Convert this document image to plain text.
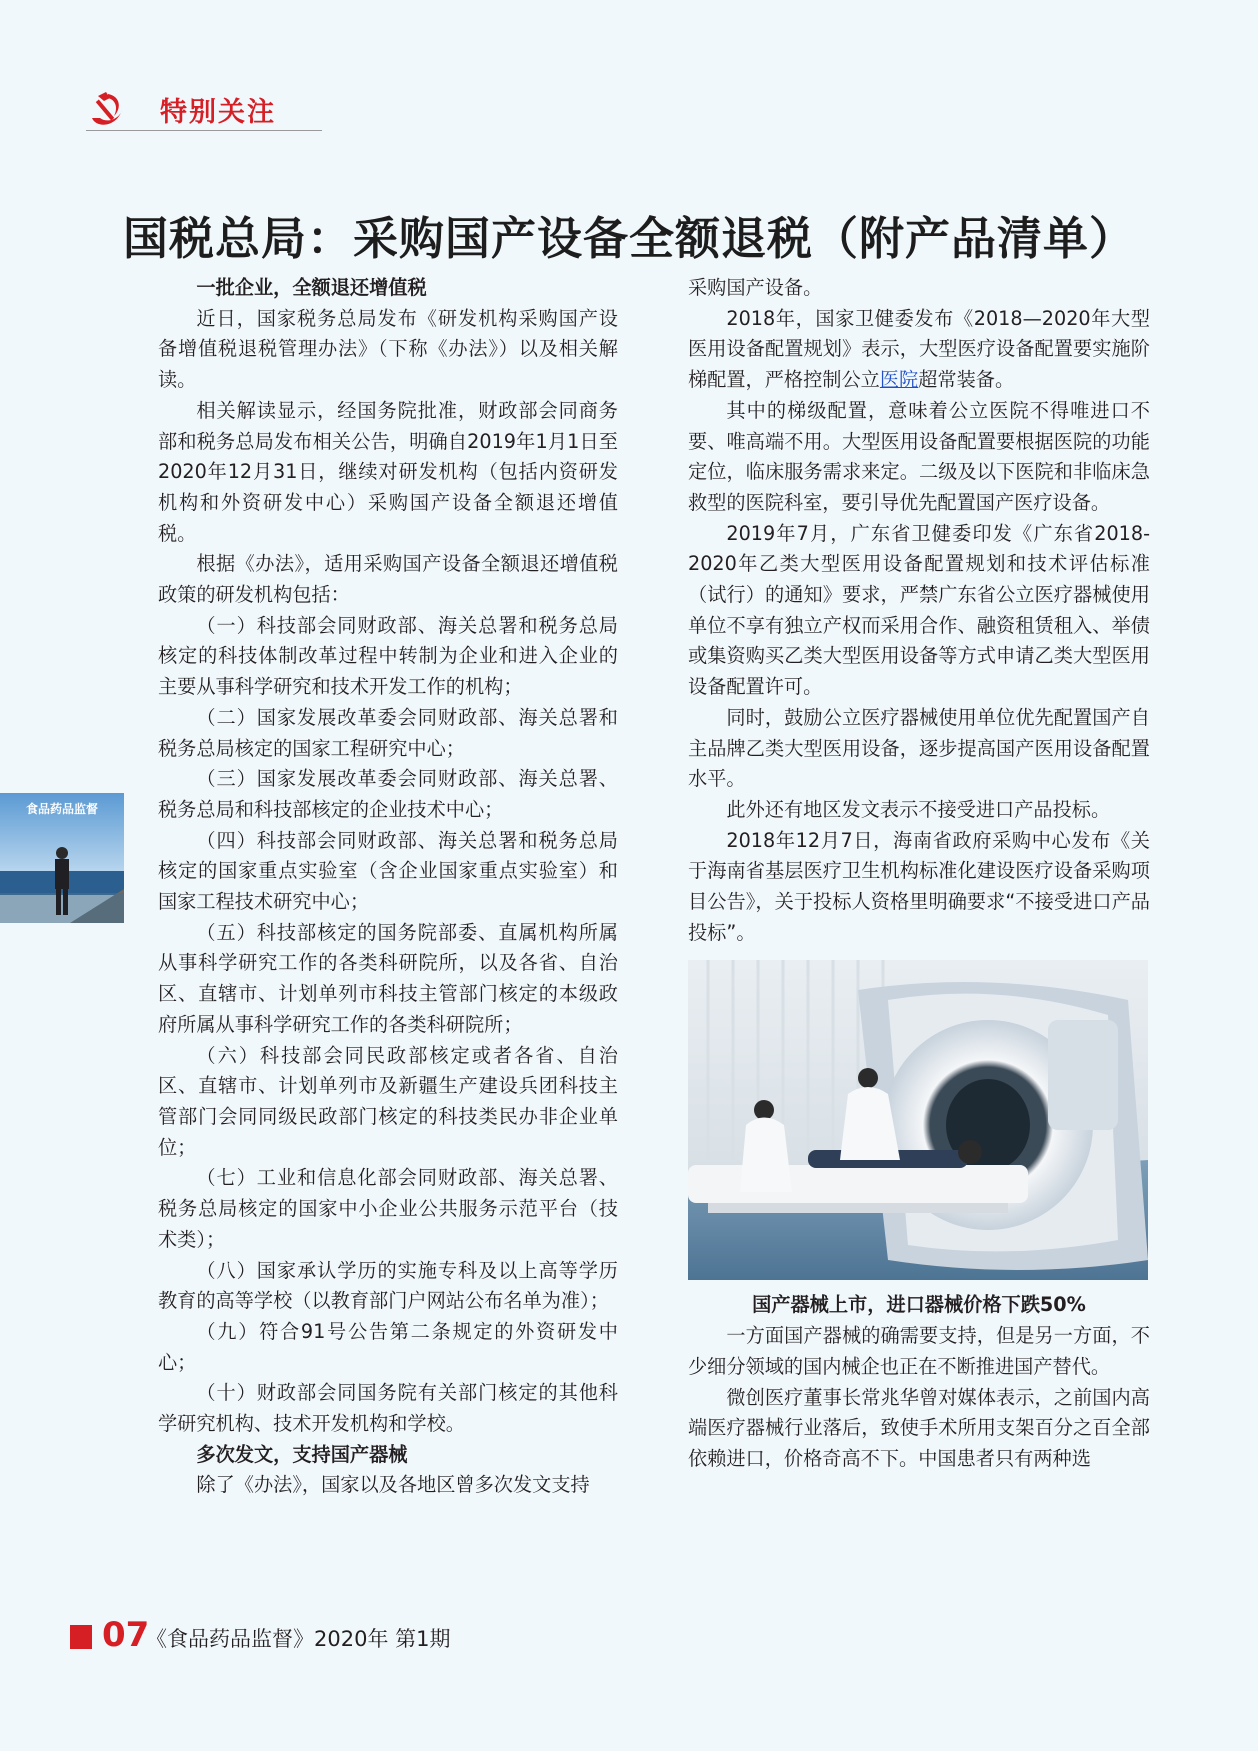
特别关注
国税总局：采购国产设备全额退税（附产品清单）
一批企业，全额退还增值税

近日，国家税务总局发布《研发机构采购国产设备增值税退税管理办法》（下称《办法》）以及相关解读。

相关解读显示，经国务院批准，财政部会同商务部和税务总局发布相关公告，明确自2019年1月1日至2020年12月31日，继续对研发机构（包括内资研发机构和外资研发中心）采购国产设备全额退还增值税。

根据《办法》，适用采购国产设备全额退还增值税政策的研发机构包括：

（一）科技部会同财政部、海关总署和税务总局核定的科技体制改革过程中转制为企业和进入企业的主要从事科学研究和技术开发工作的机构；

（二）国家发展改革委会同财政部、海关总署和税务总局核定的国家工程研究中心；

（三）国家发展改革委会同财政部、海关总署、税务总局和科技部核定的企业技术中心；

（四）科技部会同财政部、海关总署和税务总局核定的国家重点实验室（含企业国家重点实验室）和国家工程技术研究中心；

（五）科技部核定的国务院部委、直属机构所属从事科学研究工作的各类科研院所，以及各省、自治区、直辖市、计划单列市科技主管部门核定的本级政府所属从事科学研究工作的各类科研院所；

（六）科技部会同民政部核定或者各省、自治区、直辖市、计划单列市及新疆生产建设兵团科技主管部门会同同级民政部门核定的科技类民办非企业单位；

（七）工业和信息化部会同财政部、海关总署、税务总局核定的国家中小企业公共服务示范平台（技术类）；

（八）国家承认学历的实施专科及以上高等学历教育的高等学校（以教育部门户网站公布名单为准）；

（九）符合91号公告第二条规定的外资研发中心；

（十）财政部会同国务院有关部门核定的其他科学研究机构、技术开发机构和学校。

多次发文，支持国产器械

除了《办法》，国家以及各地区曾多次发文支持

采购国产设备。

2018年，国家卫健委发布《2018—2020年大型医用设备配置规划》表示，大型医疗设备配置要实施阶梯配置，严格控制公立医院超常装备。

其中的梯级配置，意味着公立医院不得唯进口不要、唯高端不用。大型医用设备配置要根据医院的功能定位，临床服务需求来定。二级及以下医院和非临床急救型的医院科室，要引导优先配置国产医疗设备。

2019年7月，广东省卫健委印发《广东省2018-2020年乙类大型医用设备配置规划和技术评估标准（试行）的通知》要求，严禁广东省公立医疗器械使用单位不享有独立产权而采用合作、融资租赁租入、举债或集资购买乙类大型医用设备等方式申请乙类大型医用设备配置许可。

同时，鼓励公立医疗器械使用单位优先配置国产自主品牌乙类大型医用设备，逐步提高国产医用设备配置水平。

此外还有地区发文表示不接受进口产品投标。

2018年12月7日，海南省政府采购中心发布《关于海南省基层医疗卫生机构标准化建设医疗设备采购项目公告》，关于投标人资格里明确要求“不接受进口产品投标”。

国产器械上市，进口器械价格下跌50%

一方面国产器械的确需要支持，但是另一方面，不少细分领域的国内械企也正在不断推进国产替代。

微创医疗董事长常兆华曾对媒体表示，之前国内高端医疗器械行业落后，致使手术所用支架百分之百全部依赖进口，价格奇高不下。中国患者只有两种选

食品药品监督
07
《食品药品监督》2020年 第1期
